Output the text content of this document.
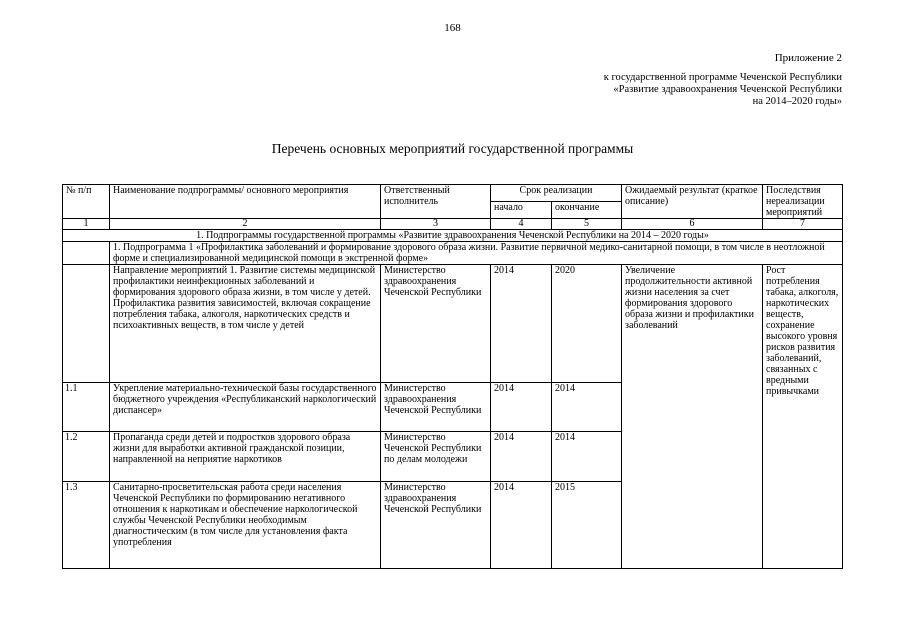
168
Приложение 2
к государственной программе Чеченской Республики
«Развитие здравоохранения Чеченской Республики
на 2014–2020 годы»
Перечень основных мероприятий государственной программы
№ п/п	Наименование подпрограммы/ основного мероприятия	Ответственный исполнитель	Срок реализации		Ожидаемый результат (краткое описание)	Последствия нереализации мероприятий
			начало	окончание		
1	2	3	4	5	6	7
1. Подпрограммы государственной программы «Развитие здравоохранения Чеченской Республики на 2014 – 2020 годы»						
	1. Подпрограмма 1 «Профилактика заболеваний и формирование здорового образа жизни. Развитие первичной медико-санитарной помощи, в том числе в неотложной форме и специализированной медицинской помощи в экстренной форме»					
	Направление мероприятий 1. Развитие системы медицинской профилактики неинфекционных заболеваний и формирования здорового образа жизни, в том числе у детей. Профилактика развития зависимостей, включая сокращение потребления табака, алкоголя, наркотических средств и психоактивных веществ, в том числе у детей	Министерство здравоохранения Чеченской Республики	2014	2020	Увеличение продолжительности активной жизни населения за счет формирования здорового образа жизни и профилактики заболеваний	Рост потребления табака, алкоголя, наркотических веществ, сохранение высокого уровня рисков развития заболеваний, связанных с вредными привычками
1.1	Укрепление материально-технической базы государственного бюджетного учреждения «Республиканский наркологический диспансер»	Министерство здравоохранения Чеченской Республики	2014	2014		
1.2	Пропаганда среди детей и подростков здорового образа жизни для выработки активной гражданской позиции, направленной на неприятие наркотиков	Министерство Чеченской Республики по делам молодежи	2014	2014		
1.3	Санитарно-просветительская работа среди населения Чеченской Республики по формированию негативного отношения к наркотикам и обеспечение наркологической службы Чеченской Республики необходимым диагностическим (в том числе для установления факта употребления	Министерство здравоохранения Чеченской Республики	2014	2015		
